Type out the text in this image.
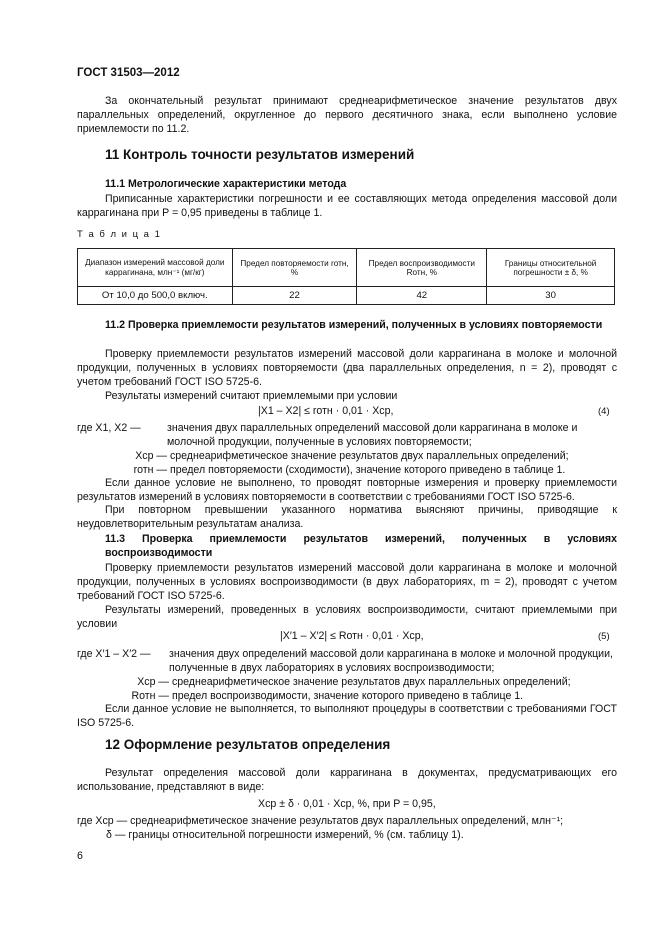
ГОСТ 31503—2012
За окончательный результат принимают среднеарифметическое значение результатов двух параллельных определений, округленное до первого десятичного знака, если выполнено условие приемлемости по 11.2.
11 Контроль точности результатов измерений
11.1 Метрологические характеристики метода
Приписанные характеристики погрешности и ее составляющих метода определения массовой доли каррагинана при P = 0,95 приведены в таблице 1.
Т а б л и ц а 1
Диапазон измерений массовой доли каррагинана, млн⁻¹ (мг/кг)	Предел повторяемости rотн, %	Предел воспроизводимости Rотн, %	Границы относительной погрешности ± δ, %
От 10,0 до 500,0 включ.	22	42	30
11.2 Проверка приемлемости результатов измерений, полученных в условиях повторяемости
Проверку приемлемости результатов измерений массовой доли каррагинана в молоке и молочной продукции, полученных в условиях повторяемости (два параллельных определения, n = 2), проводят с учетом требований ГОСТ ISO 5725-6.
Результаты измерений считают приемлемыми при условии
|X1 – X2| ≤ rотн · 0,01 · Xср,	(4)
где X1, X2 — значения двух параллельных определений массовой доли каррагинана в молоке и молочной продукции, полученные в условиях повторяемости;
Xср — среднеарифметическое значение результатов двух параллельных определений;
rотн — предел повторяемости (сходимости), значение которого приведено в таблице 1.
Если данное условие не выполнено, то проводят повторные измерения и проверку приемлемости результатов измерений в условиях повторяемости в соответствии с требованиями ГОСТ ISO 5725-6.
При повторном превышении указанного норматива выясняют причины, приводящие к неудовлетворительным результатам анализа.
11.3 Проверка приемлемости результатов измерений, полученных в условиях воспроизводимости
Проверку приемлемости результатов измерений массовой доли каррагинана в молоке и молочной продукции, полученных в условиях воспроизводимости (в двух лабораториях, m = 2), проводят с учетом требований ГОСТ ISO 5725-6.
Результаты измерений, проведенных в условиях воспроизводимости, считают приемлемыми при условии
|X′1 – X′2| ≤ Rотн · 0,01 · Xср,	(5)
где X′1 – X′2 — значения двух определений массовой доли каррагинана в молоке и молочной продукции, полученные в двух лабораториях в условиях воспроизводимости;
Xср — среднеарифметическое значение результатов двух параллельных определений;
Rотн — предел воспроизводимости, значение которого приведено в таблице 1.
Если данное условие не выполняется, то выполняют процедуры в соответствии с требованиями ГОСТ ISO 5725-6.
12 Оформление результатов определения
Результат определения массовой доли каррагинана в документах, предусматривающих его использование, представляют в виде:
Xср ± δ · 0,01 · Xср, %, при P = 0,95,
где Xср — среднеарифметическое значение результатов двух параллельных определений, млн⁻¹;
δ — границы относительной погрешности измерений, % (см. таблицу 1).
6
